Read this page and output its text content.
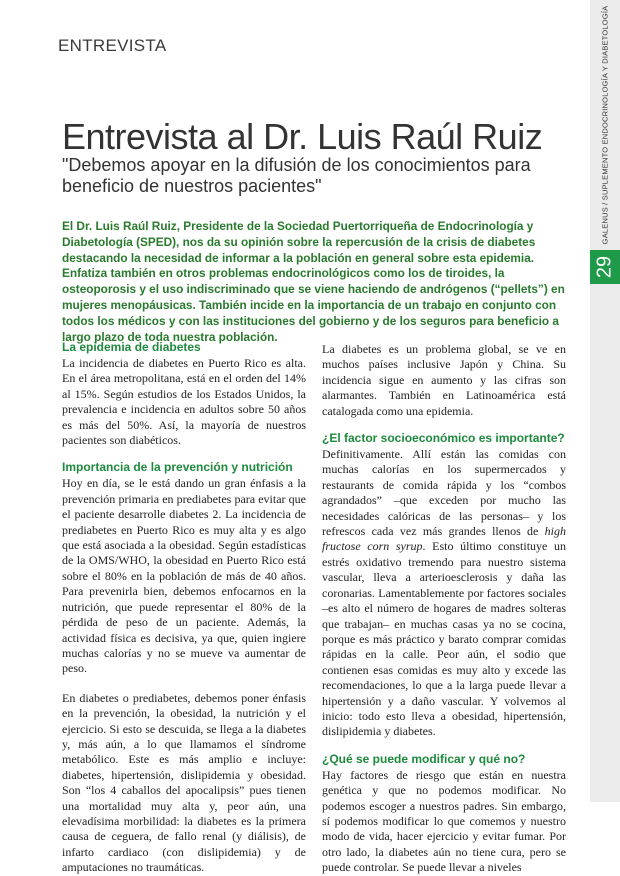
ENTREVISTA	GALENUS / SUPLEMENTO ENDOCRINOLOGÍA Y DIABETOLOGÍA
29
Entrevista al Dr. Luis Raúl Ruiz
"Debemos apoyar en la difusión de los conocimientos para beneficio de nuestros pacientes"

El Dr. Luis Raúl Ruiz, Presidente de la Sociedad Puertorriqueña de Endocrinología y Diabetología (SPED), nos da su opinión sobre la repercusión de la crisis de diabetes destacando la necesidad de informar a la población en general sobre esta epidemia. Enfatiza también en otros problemas endocrinológicos como los de tiroides, la osteoporosis y el uso indiscriminado que se viene haciendo de andrógenos (“pellets”) en mujeres menopáusicas. También incide en la importancia de un trabajo en conjunto con todos los médicos y con las instituciones del gobierno y de los seguros para beneficio a largo plazo de toda nuestra población.

La epidemia de diabetes

La incidencia de diabetes en Puerto Rico es alta. En el área metropolitana, está en el orden del 14% al 15%. Según estudios de los Estados Unidos, la prevalencia e incidencia en adultos sobre 50 años es más del 50%. Así, la mayoría de nuestros pacientes son diabéticos.

Importancia de la prevención y nutrición

Hoy en día, se le está dando un gran énfasis a la prevención primaria en prediabetes para evitar que el paciente desarrolle diabetes 2. La incidencia de prediabetes en Puerto Rico es muy alta y es algo que está asociada a la obesidad. Según estadísticas de la OMS/WHO, la obesidad en Puerto Rico está sobre el 80% en la población de más de 40 años. Para prevenirla bien, debemos enfocarnos en la nutrición, que puede representar el 80% de la pérdida de peso de un paciente. Además, la actividad física es decisiva, ya que, quien ingiere muchas calorías y no se mueve va aumentar de peso.

En diabetes o prediabetes, debemos poner énfasis en la prevención, la obesidad, la nutrición y el ejercicio. Si esto se descuida, se llega a la diabetes y, más aún, a lo que llamamos el síndrome metabólico. Este es más amplio e incluye: diabetes, hipertensión, dislipidemia y obesidad. Son “los 4 caballos del apocalipsis” pues tienen una mortalidad muy alta y, peor aún, una elevadísima morbilidad: la diabetes es la primera causa de ceguera, de fallo renal (y diálisis), de infarto cardiaco (con dislipidemia) y de amputaciones no traumáticas.

La diabetes es un problema global, se ve en muchos países inclusive Japón y China. Su incidencia sigue en aumento y las cifras son alarmantes. También en Latinoamérica está catalogada como una epidemia.

¿El factor socioeconómico es importante?

Definitivamente. Allí están las comidas con muchas calorías en los supermercados y restaurants de comida rápida y los “combos agrandados” –que exceden por mucho las necesidades calóricas de las personas– y los refrescos cada vez más grandes llenos de high fructose corn syrup. Esto último constituye un estrés oxidativo tremendo para nuestro sistema vascular, lleva a arterioesclerosis y daña las coronarias. Lamentablemente por factores sociales –es alto el número de hogares de madres solteras que trabajan– en muchas casas ya no se cocina, porque es más práctico y barato comprar comidas rápidas en la calle. Peor aún, el sodio que contienen esas comidas es muy alto y excede las recomendaciones, lo que a la larga puede llevar a hipertensión y a daño vascular. Y volvemos al inicio: todo esto lleva a obesidad, hipertensión, dislipidemia y diabetes.

¿Qué se puede modificar y qué no?

Hay factores de riesgo que están en nuestra genética y que no podemos modificar. No podemos escoger a nuestros padres. Sin embargo, sí podemos modificar lo que comemos y nuestro modo de vida, hacer ejercicio y evitar fumar. Por otro lado, la diabetes aún no tiene cura, pero se puede controlar. Se puede llevar a niveles
